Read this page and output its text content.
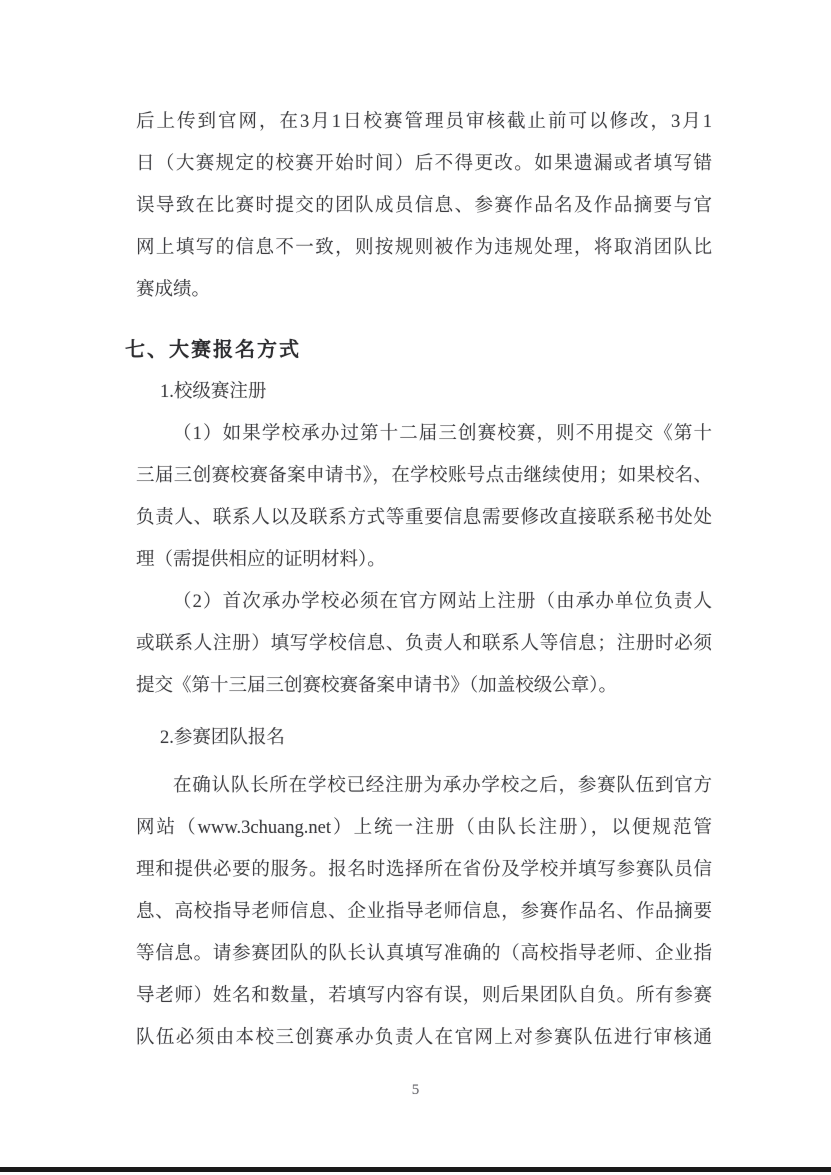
后上传到官网，在3月1日校赛管理员审核截止前可以修改，3月1
日（大赛规定的校赛开始时间）后不得更改。如果遗漏或者填写错
误导致在比赛时提交的团队成员信息、参赛作品名及作品摘要与官
网上填写的信息不一致，则按规则被作为违规处理，将取消团队比
赛成绩。
七、大赛报名方式
1.校级赛注册
（1）如果学校承办过第十二届三创赛校赛，则不用提交《第十
三届三创赛校赛备案申请书》，在学校账号点击继续使用；如果校名、
负责人、联系人以及联系方式等重要信息需要修改直接联系秘书处处
理（需提供相应的证明材料）。
（2）首次承办学校必须在官方网站上注册（由承办单位负责人
或联系人注册）填写学校信息、负责人和联系人等信息；注册时必须
提交《第十三届三创赛校赛备案申请书》（加盖校级公章）。
2.参赛团队报名
在确认队长所在学校已经注册为承办学校之后，参赛队伍到官方
网站（www.3chuang.net）上统一注册（由队长注册），以便规范管
理和提供必要的服务。报名时选择所在省份及学校并填写参赛队员信
息、高校指导老师信息、企业指导老师信息，参赛作品名、作品摘要
等信息。请参赛团队的队长认真填写准确的（高校指导老师、企业指
导老师）姓名和数量，若填写内容有误，则后果团队自负。所有参赛
队伍必须由本校三创赛承办负责人在官网上对参赛队伍进行审核通
5
